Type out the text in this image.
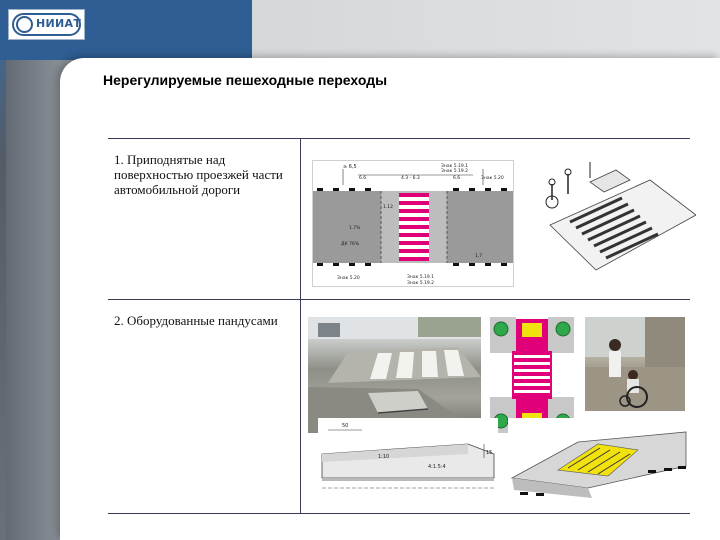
НИИАТ
Нерегулируемые пешеходные переходы
1. Приподнятые над поверхностью проезжей части автомобильной дороги
2. Оборудованные пандусами
≥ 6,5
6.6	4.3 - 6.3	6.6
Знак 5.19.1
Знак 5.19.2
Знак 5.20
1.12
1.7%
ДК 76%
1,7
Знак 5.20	Знак 5.19.1
Знак 5.19.2
50
15
4:1.5:4
1:10
